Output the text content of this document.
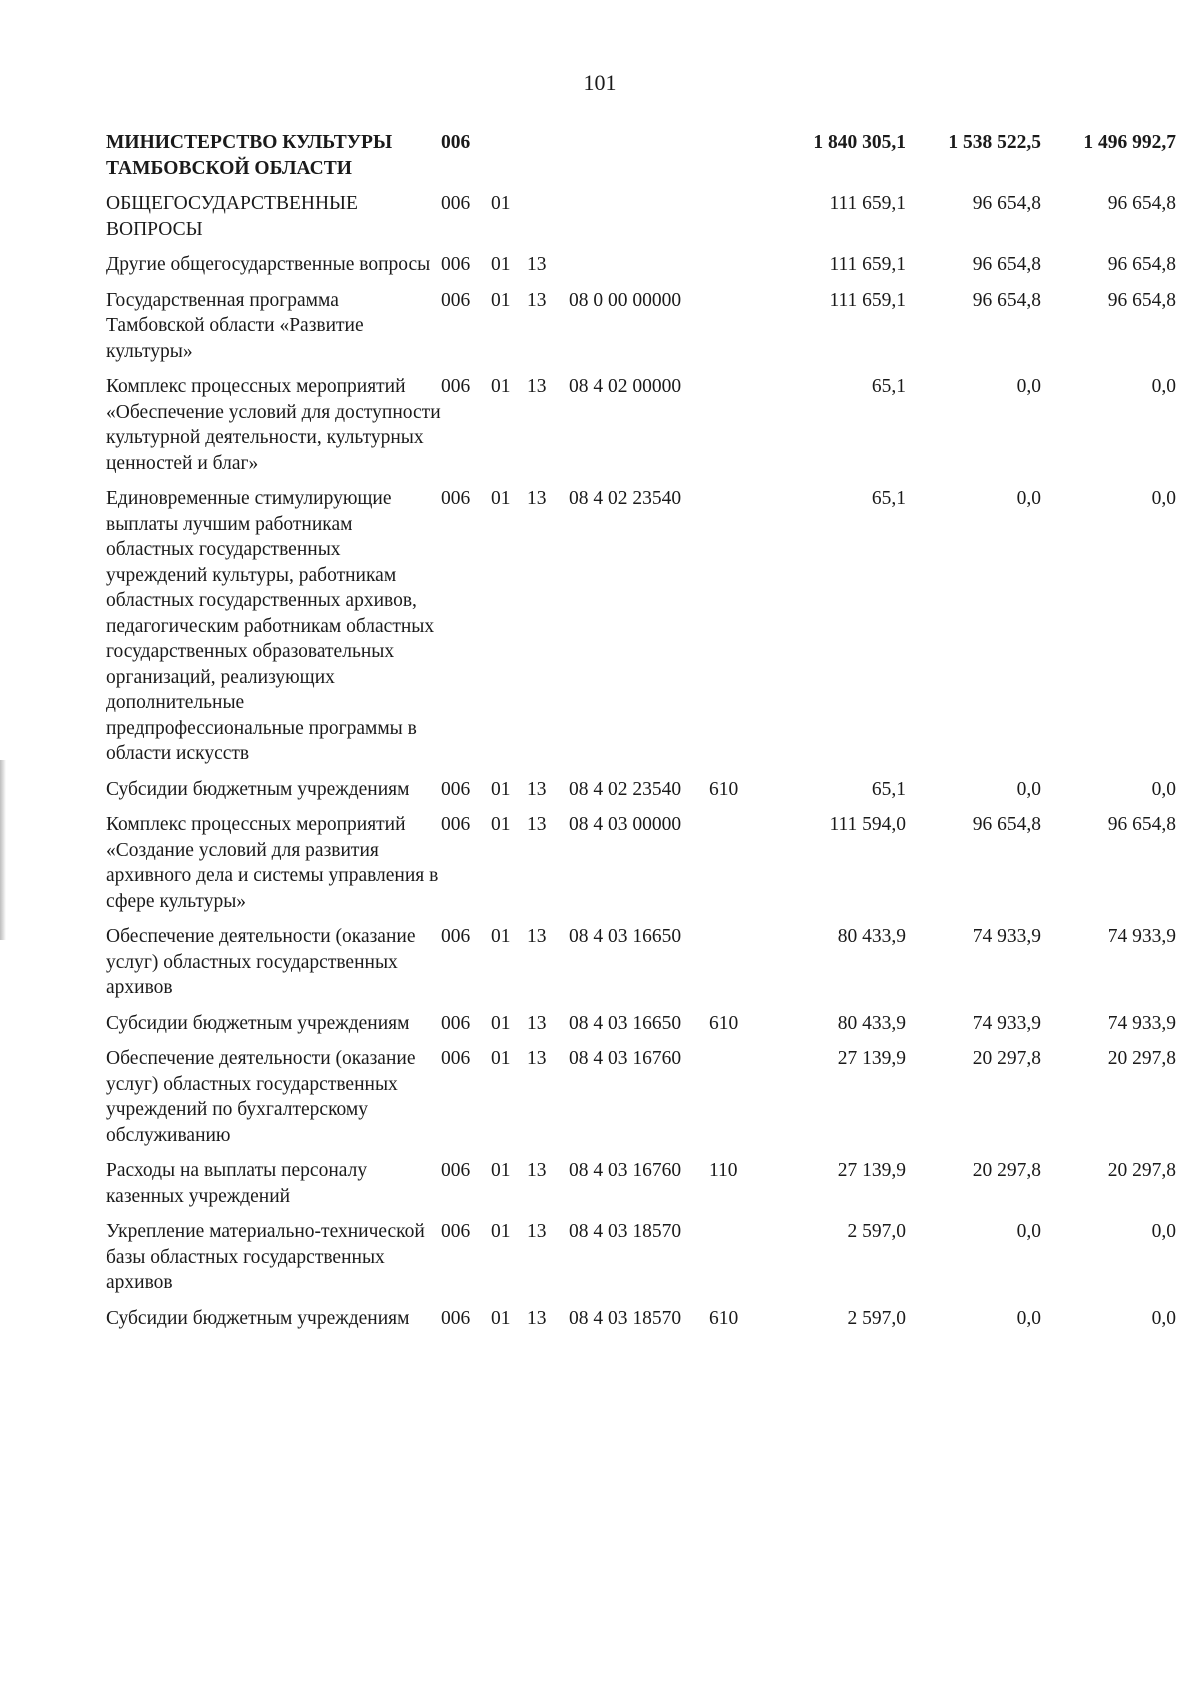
101
МИНИСТЕРСТВО КУЛЬТУРЫ ТАМБОВСКОЙ ОБЛАСТИ	006					1 840 305,1	1 538 522,5	1 496 992,7
ОБЩЕГОСУДАРСТВЕННЫЕ ВОПРОСЫ	006	01				111 659,1	96 654,8	96 654,8
Другие общегосударственные вопросы	006	01	13			111 659,1	96 654,8	96 654,8
Государственная программа Тамбовской области «Развитие культуры»	006	01	13	08 0 00 00000		111 659,1	96 654,8	96 654,8
Комплекс процессных мероприятий «Обеспечение условий для доступности культурной деятельности, культурных ценностей и благ»	006	01	13	08 4 02 00000		65,1	0,0	0,0
Единовременные стимулирующие выплаты лучшим работникам областных государственных учреждений культуры, работникам областных государственных архивов, педагогическим работникам областных государственных образовательных организаций, реализующих дополнительные предпрофессиональные программы в области искусств	006	01	13	08 4 02 23540		65,1	0,0	0,0
Субсидии бюджетным учреждениям	006	01	13	08 4 02 23540	610	65,1	0,0	0,0
Комплекс процессных мероприятий «Создание условий для развития архивного дела и системы управления в сфере культуры»	006	01	13	08 4 03 00000		111 594,0	96 654,8	96 654,8
Обеспечение деятельности (оказание услуг) областных государственных архивов	006	01	13	08 4 03 16650		80 433,9	74 933,9	74 933,9
Субсидии бюджетным учреждениям	006	01	13	08 4 03 16650	610	80 433,9	74 933,9	74 933,9
Обеспечение деятельности (оказание услуг) областных государственных учреждений по бухгалтерскому обслуживанию	006	01	13	08 4 03 16760		27 139,9	20 297,8	20 297,8
Расходы на выплаты персоналу казенных учреждений	006	01	13	08 4 03 16760	110	27 139,9	20 297,8	20 297,8
Укрепление материально-технической базы областных государственных архивов	006	01	13	08 4 03 18570		2 597,0	0,0	0,0
Субсидии бюджетным учреждениям	006	01	13	08 4 03 18570	610	2 597,0	0,0	0,0
